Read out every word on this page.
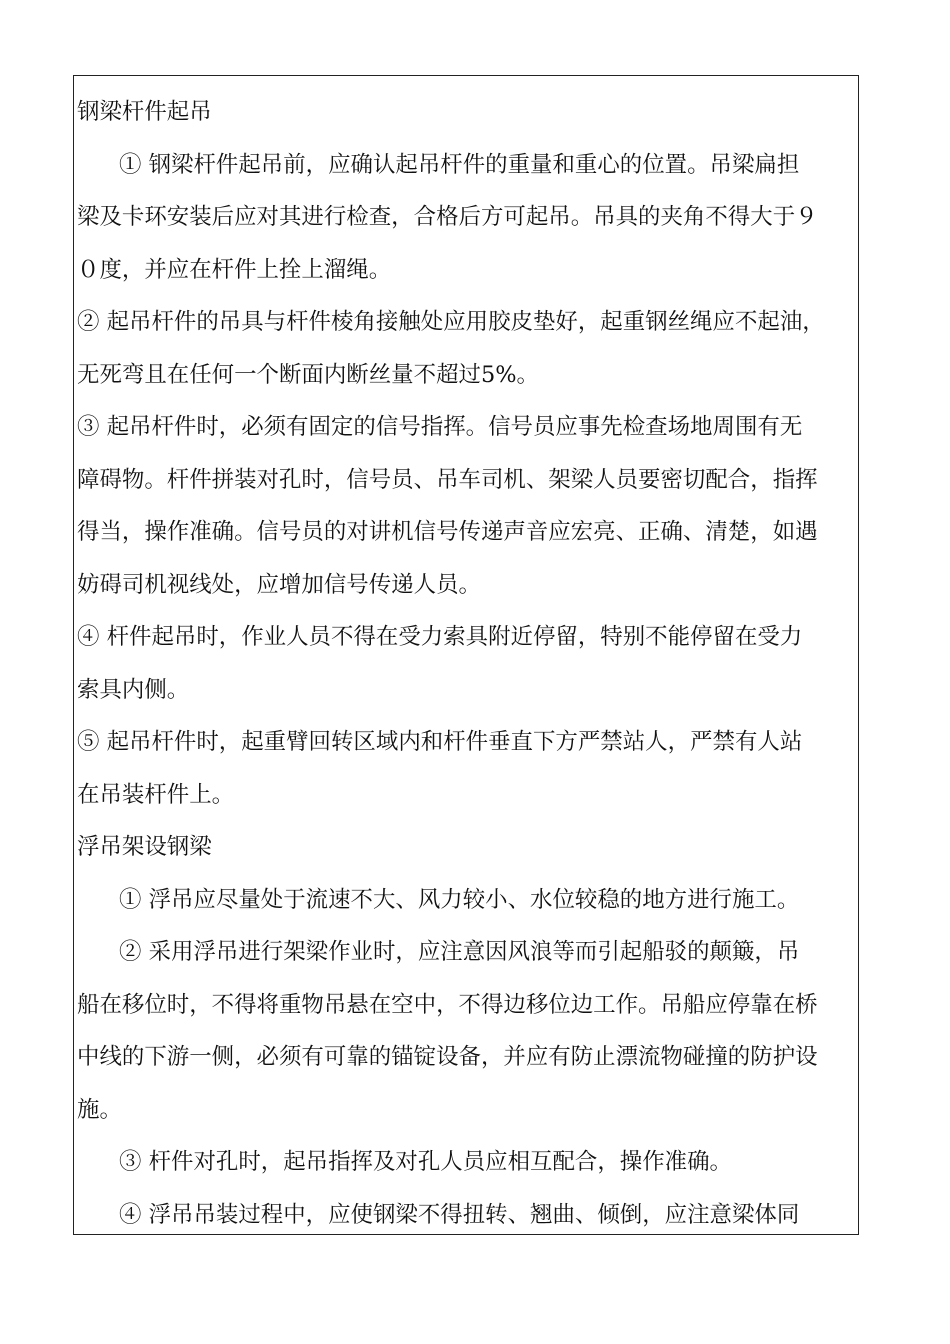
钢梁杆件起吊
① 钢梁杆件起吊前，应确认起吊杆件的重量和重心的位置。吊梁扁担
梁及卡环安装后应对其进行检查，合格后方可起吊。吊具的夹角不得大于９
０度，并应在杆件上拴上溜绳。
② 起吊杆件的吊具与杆件棱角接触处应用胶皮垫好，起重钢丝绳应不起油，
无死弯且在任何一个断面内断丝量不超过5%。
③ 起吊杆件时，必须有固定的信号指挥。信号员应事先检查场地周围有无
障碍物。杆件拼装对孔时，信号员、吊车司机、架梁人员要密切配合，指挥
得当，操作准确。信号员的对讲机信号传递声音应宏亮、正确、清楚，如遇
妨碍司机视线处，应增加信号传递人员。
④ 杆件起吊时，作业人员不得在受力索具附近停留，特别不能停留在受力
索具内侧。
⑤ 起吊杆件时，起重臂回转区域内和杆件垂直下方严禁站人，严禁有人站
在吊装杆件上。
浮吊架设钢梁
① 浮吊应尽量处于流速不大、风力较小、水位较稳的地方进行施工。
② 采用浮吊进行架梁作业时，应注意因风浪等而引起船驳的颠簸，吊
船在移位时，不得将重物吊悬在空中，不得边移位边工作。吊船应停靠在桥
中线的下游一侧，必须有可靠的锚锭设备，并应有防止漂流物碰撞的防护设
施。
③ 杆件对孔时，起吊指挥及对孔人员应相互配合，操作准确。
④ 浮吊吊装过程中，应使钢梁不得扭转、翘曲、倾倒，应注意梁体同
